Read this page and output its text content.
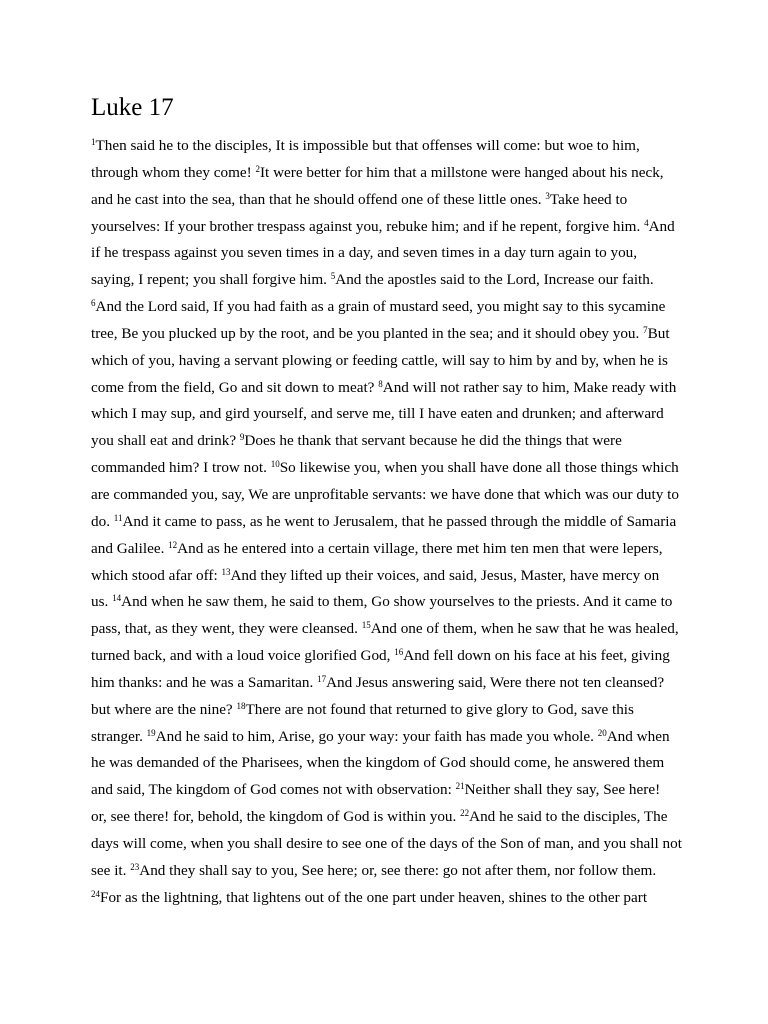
Luke 17
$^1$Then said he to the disciples, It is impossible but that offenses will come: but woe to him,
through whom they come! $^2$It were better for him that a millstone were hanged about his neck,
and he cast into the sea, than that he should offend one of these little ones. $^3$Take heed to
yourselves: If your brother trespass against you, rebuke him; and if he repent, forgive him. $^4$And
if he trespass against you seven times in a day, and seven times in a day turn again to you,
saying, I repent; you shall forgive him. $^5$And the apostles said to the Lord, Increase our faith.
$^6$And the Lord said, If you had faith as a grain of mustard seed, you might say to this sycamine
tree, Be you plucked up by the root, and be you planted in the sea; and it should obey you. $^7$But
which of you, having a servant plowing or feeding cattle, will say to him by and by, when he is
come from the field, Go and sit down to meat? $^8$And will not rather say to him, Make ready with
which I may sup, and gird yourself, and serve me, till I have eaten and drunken; and afterward
you shall eat and drink? $^9$Does he thank that servant because he did the things that were
commanded him? I trow not. $^{10}$So likewise you, when you shall have done all those things which
are commanded you, say, We are unprofitable servants: we have done that which was our duty to
do. $^{11}$And it came to pass, as he went to Jerusalem, that he passed through the middle of Samaria
and Galilee. $^{12}$And as he entered into a certain village, there met him ten men that were lepers,
which stood afar off: $^{13}$And they lifted up their voices, and said, Jesus, Master, have mercy on
us. $^{14}$And when he saw them, he said to them, Go show yourselves to the priests. And it came to
pass, that, as they went, they were cleansed. $^{15}$And one of them, when he saw that he was healed,
turned back, and with a loud voice glorified God, $^{16}$And fell down on his face at his feet, giving
him thanks: and he was a Samaritan. $^{17}$And Jesus answering said, Were there not ten cleansed?
but where are the nine? $^{18}$There are not found that returned to give glory to God, save this
stranger. $^{19}$And he said to him, Arise, go your way: your faith has made you whole. $^{20}$And when
he was demanded of the Pharisees, when the kingdom of God should come, he answered them
and said, The kingdom of God comes not with observation: $^{21}$Neither shall they say, See here!
or, see there! for, behold, the kingdom of God is within you. $^{22}$And he said to the disciples, The
days will come, when you shall desire to see one of the days of the Son of man, and you shall not
see it. $^{23}$And they shall say to you, See here; or, see there: go not after them, nor follow them.
$^{24}$For as the lightning, that lightens out of the one part under heaven, shines to the other part
